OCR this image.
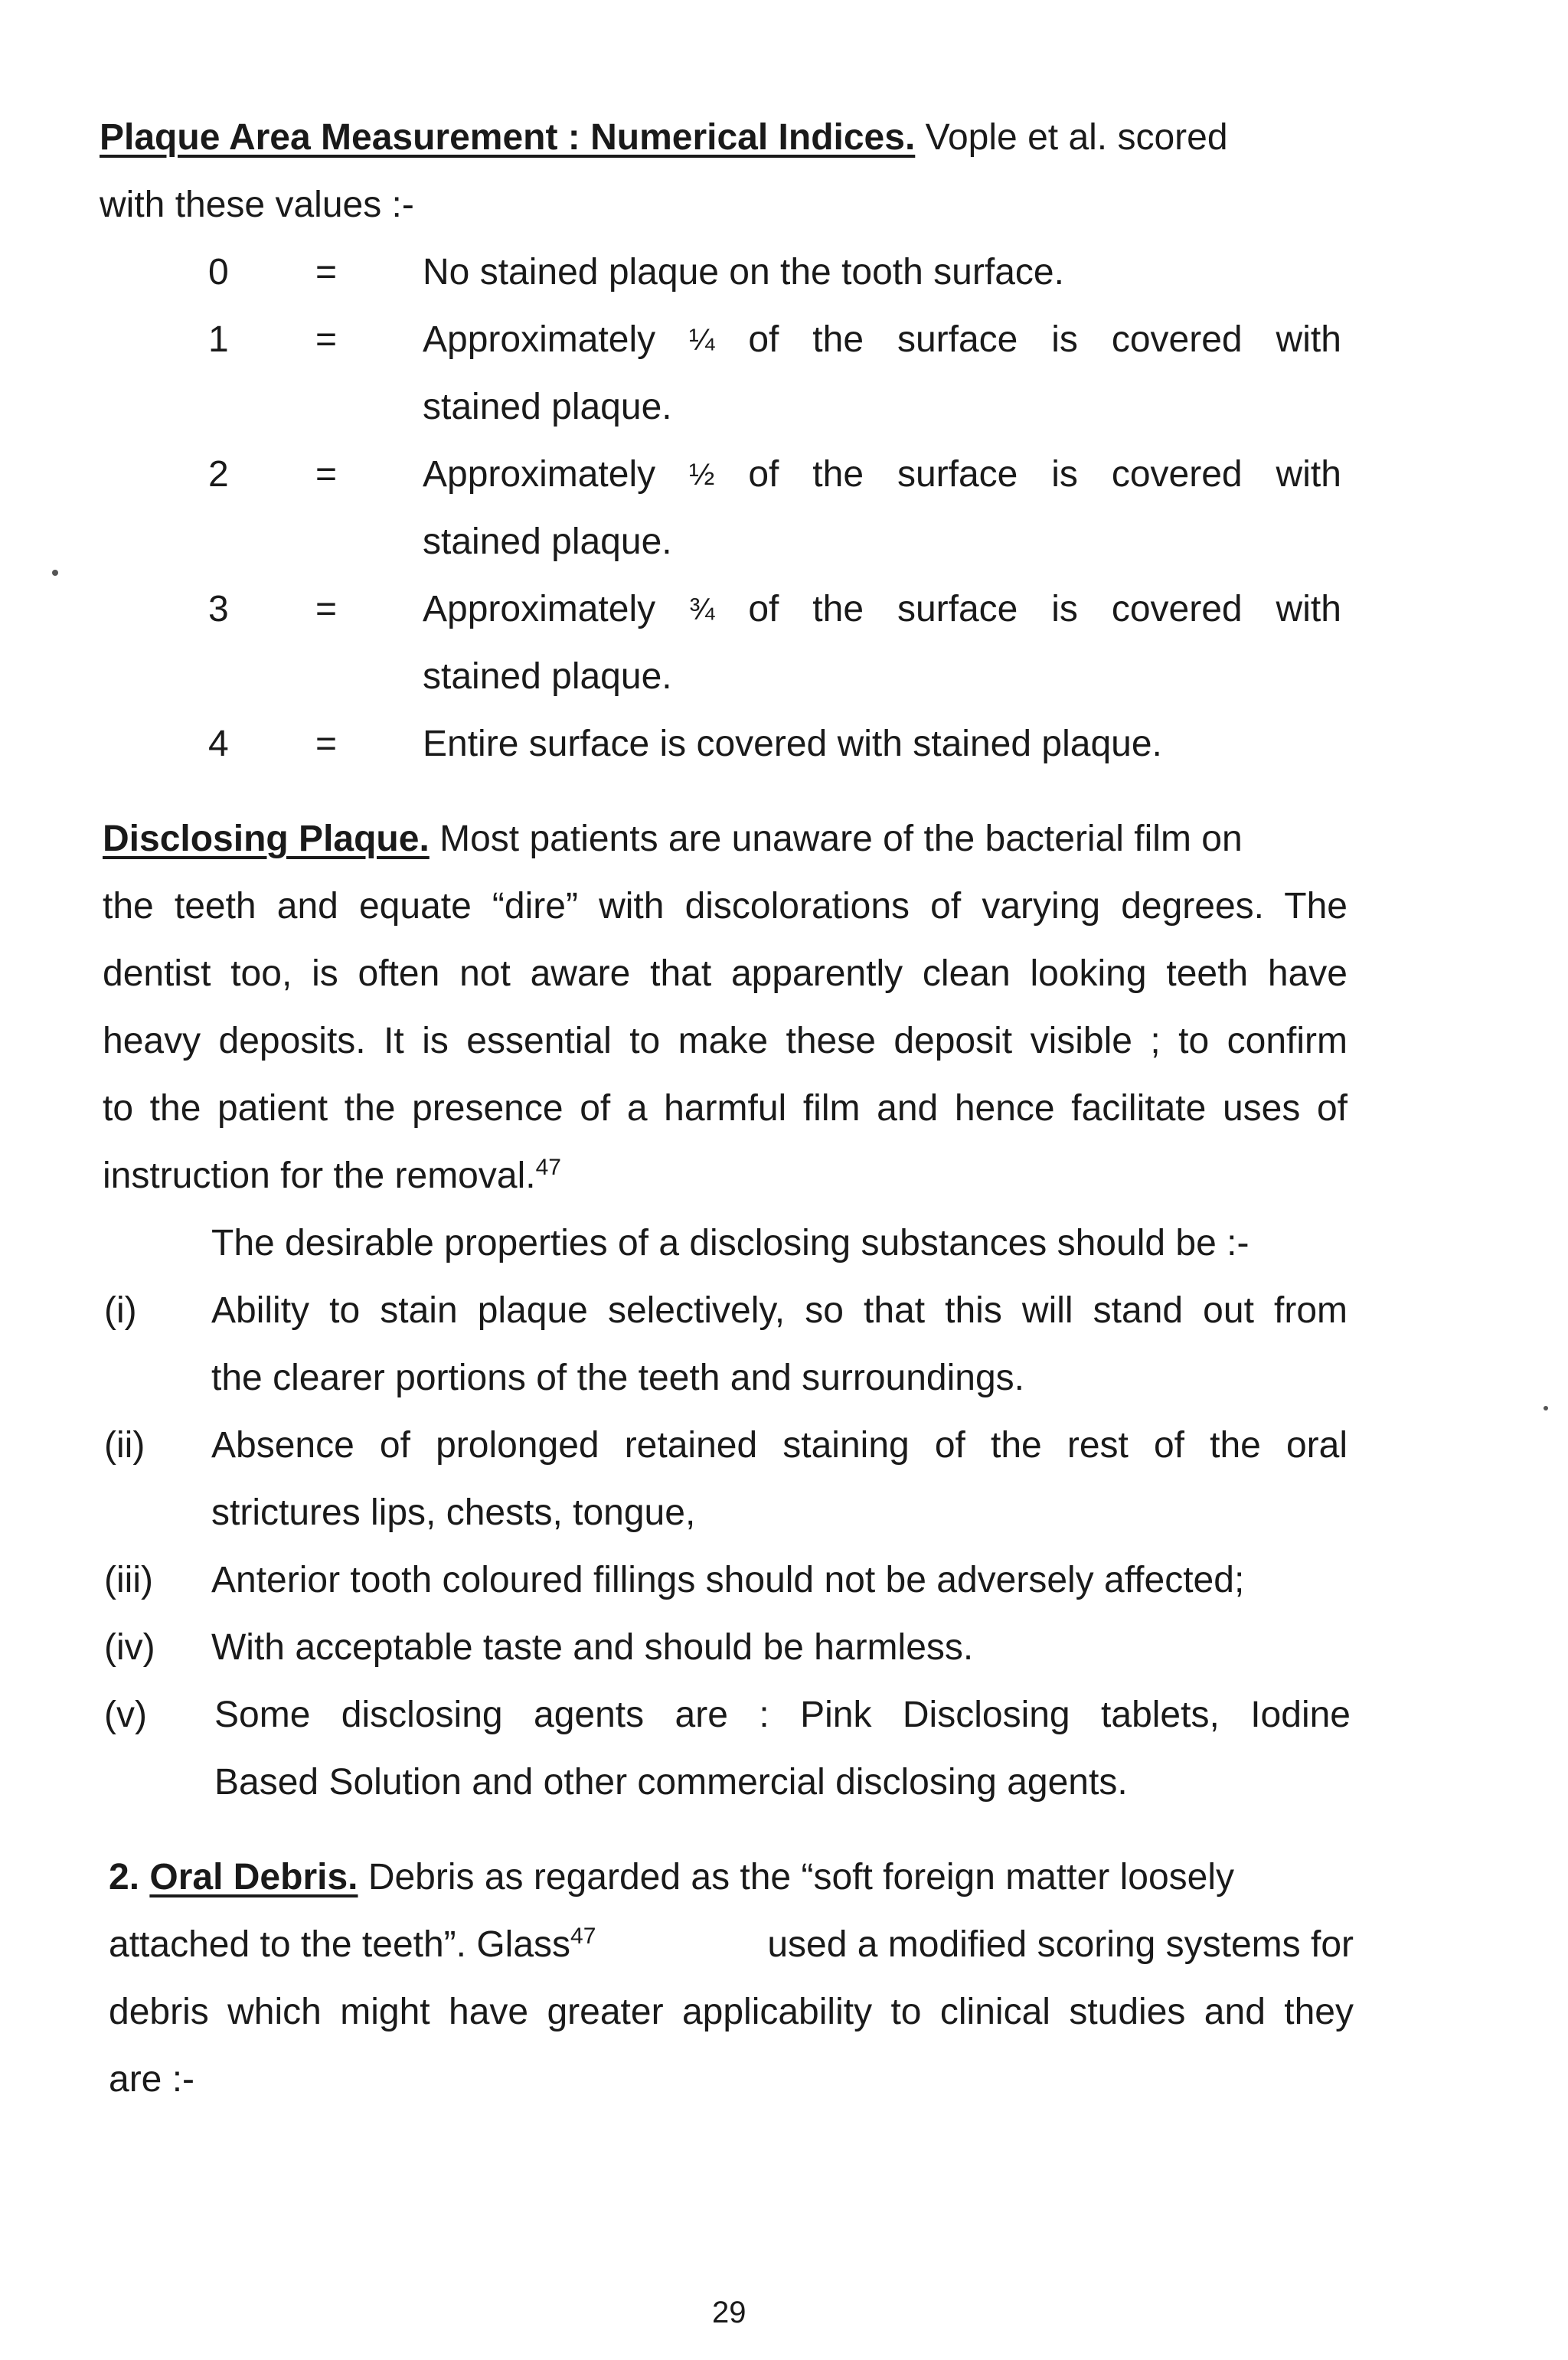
Plaque Area Measurement : Numerical Indices. Vople et al. scored
with these values :-
0 = No stained plaque on the tooth surface.
1 = Approximately ¼ of the surface is covered with
stained plaque.
2 = Approximately ½ of the surface is covered with
stained plaque.
3 = Approximately ¾ of the surface is covered with
stained plaque.
4 = Entire surface is covered with stained plaque.
Disclosing Plaque. Most patients are unaware of the bacterial film on
the teeth and equate “dire” with discolorations of varying degrees. The
dentist too, is often not aware that apparently clean looking teeth have
heavy deposits. It is essential to make these deposit visible ; to confirm
to the patient the presence of a harmful film and hence facilitate uses of
instruction for the removal.$^{47}$
The desirable properties of a disclosing substances should be :-
(i) Ability to stain plaque selectively, so that this will stand out from
the clearer portions of the teeth and surroundings.
(ii) Absence of prolonged retained staining of the rest of the oral
strictures lips, chests, tongue,
(iii) Anterior tooth coloured fillings should not be adversely affected;
(iv) With acceptable taste and should be harmless.
(v) Some disclosing agents are : Pink Disclosing tablets, Iodine
Based Solution and other commercial disclosing agents.
2. Oral Debris. Debris as regarded as the “soft foreign matter loosely
attached to the teeth”. Glass$^{47}$	used a modified scoring systems for
debris which might have greater applicability to clinical studies and they
are :-
29
